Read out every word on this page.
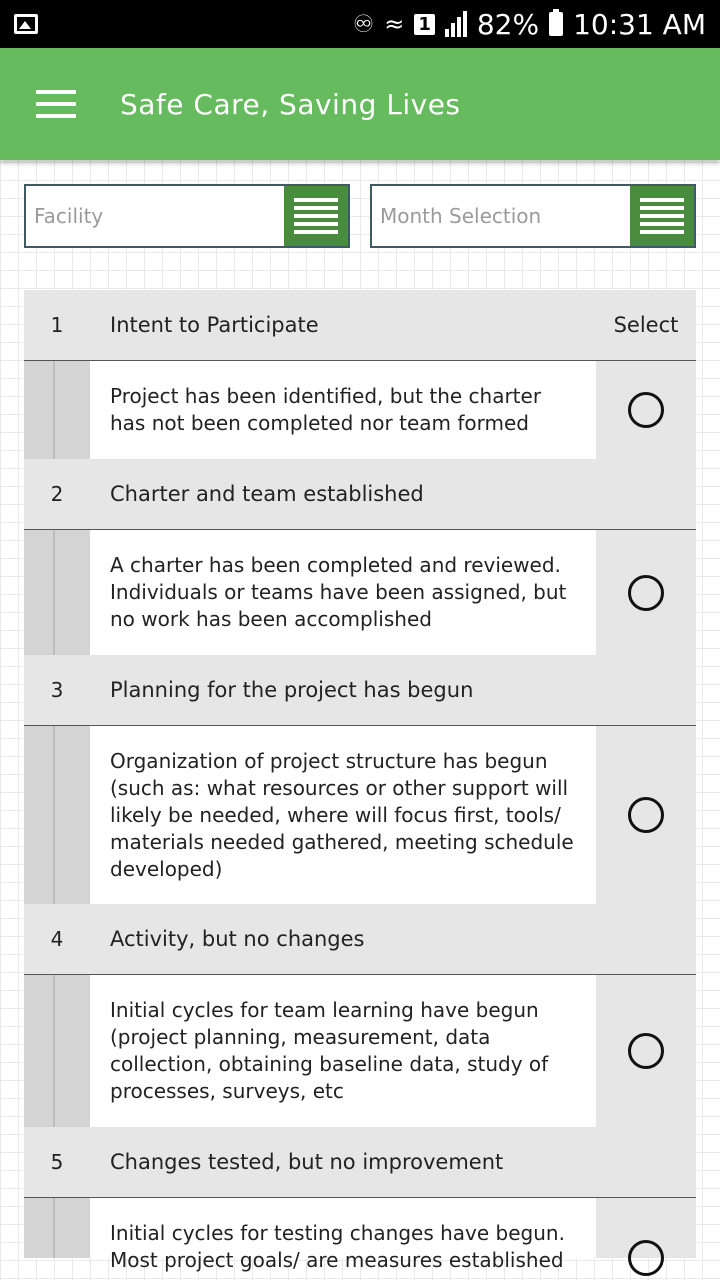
♾ ≈ 1 82% 10:31 AM
Safe Care, Saving Lives
Facility
Month Selection
1	Intent to Participate	Select
Project has been identified, but the charter has not been completed nor team formed
2	Charter and team established
A charter has been completed and reviewed. Individuals or teams have been assigned, but no work has been accomplished
3	Planning for the project has begun
Organization of project structure has begun (such as: what resources or other support will likely be needed, where will focus first, tools/ materials needed gathered, meeting schedule developed)
4	Activity, but no changes
Initial cycles for team learning have begun (project planning, measurement, data collection, obtaining baseline data, study of processes, surveys, etc
5	Changes tested, but no improvement
Initial cycles for testing changes have begun. Most project goals/ are measures established
